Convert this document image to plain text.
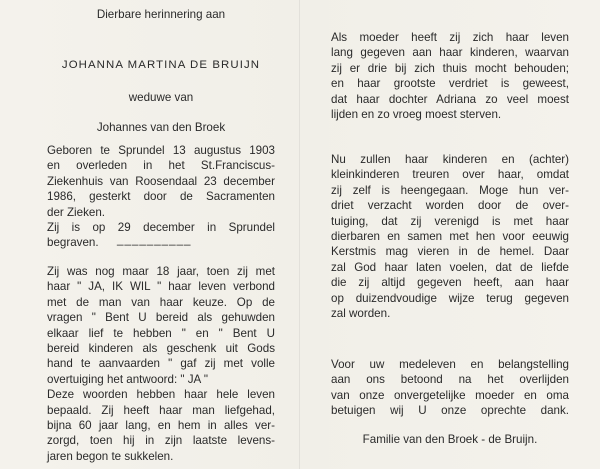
Dierbare herinnering aan
JOHANNA MARTINA DE BRUIJN
weduwe van
Johannes van den Broek
Geboren te Sprundel 13 augustus 1903
en overleden in het St.Franciscus-
Ziekenhuis van Roosendaal 23 december
1986, gesterkt door de Sacramenten
der Zieken.
Zij is op 29 december in Sprundel
begraven.	__________
Zij was nog maar 18 jaar, toen zij met
haar " JA, IK WIL " haar leven verbond
met de man van haar keuze. Op de
vragen " Bent U bereid als gehuwden
elkaar lief te hebben " en " Bent U
bereid kinderen als geschenk uit Gods
hand te aanvaarden " gaf zij met volle
overtuiging het antwoord: " JA "
Deze woorden hebben haar hele leven
bepaald. Zij heeft haar man liefgehad,
bijna 60 jaar lang, en hem in alles ver-
zorgd, toen hij in zijn laatste levens-
jaren begon te sukkelen.
Als moeder heeft zij zich haar leven
lang gegeven aan haar kinderen, waarvan
zij er drie bij zich thuis mocht behouden;
en haar grootste verdriet is geweest,
dat haar dochter Adriana zo veel moest
lijden en zo vroeg moest sterven.
Nu zullen haar kinderen en (achter)
kleinkinderen treuren over haar, omdat
zij zelf is heengegaan. Moge hun ver-
driet verzacht worden door de over-
tuiging, dat zij verenigd is met haar
dierbaren en samen met hen voor eeuwig
Kerstmis mag vieren in de hemel. Daar
zal God haar laten voelen, dat de liefde
die zij altijd gegeven heeft, aan haar
op duizendvoudige wijze terug gegeven
zal worden.
Voor uw medeleven en belangstelling
aan ons betoond na het overlijden
van onze onvergetelijke moeder en oma
betuigen wij U onze oprechte dank.
Familie van den Broek - de Bruijn.
